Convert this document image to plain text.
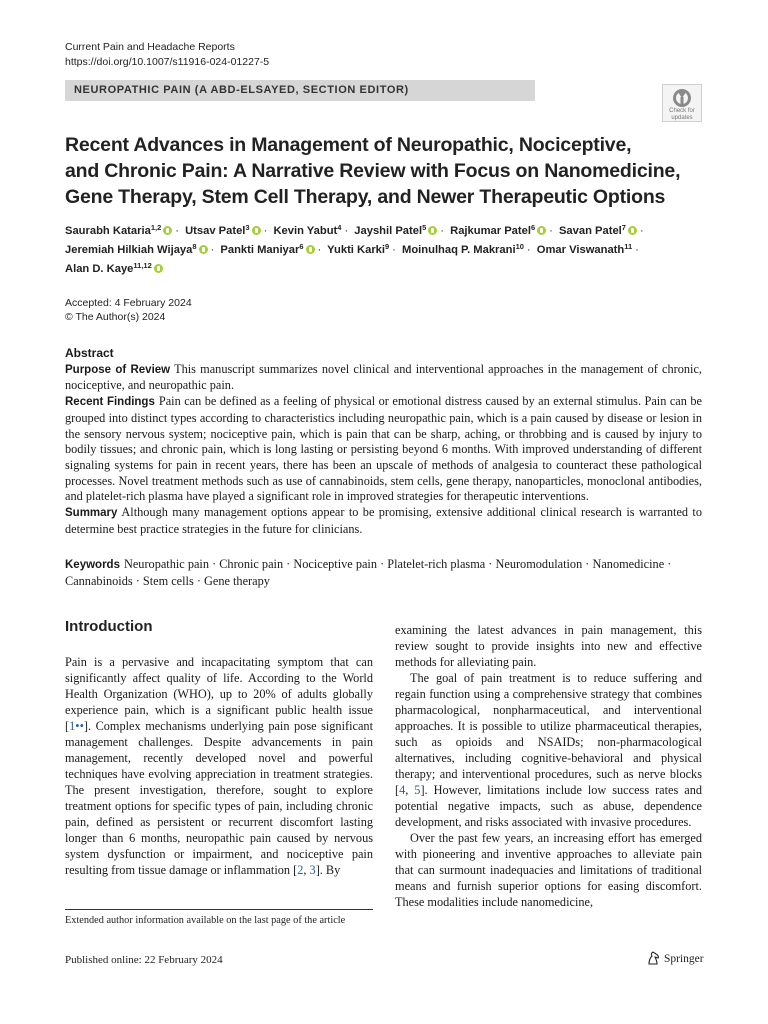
Current Pain and Headache Reports
https://doi.org/10.1007/s11916-024-01227-5
NEUROPATHIC PAIN (A ABD-ELSAYED, SECTION EDITOR)
Check for
updates
Recent Advances in Management of Neuropathic, Nociceptive,
and Chronic Pain: A Narrative Review with Focus on Nanomedicine,
Gene Therapy, Stem Cell Therapy, and Newer Therapeutic Options
Saurabh Kataria$^{1,2}$ · Utsav Patel$^3$ · Kevin Yabut$^4$ · Jayshil Patel$^5$ · Rajkumar Patel$^6$ · Savan Patel$^7$ ·
Jeremiah Hilkiah Wijaya$^8$ · Pankti Maniyar$^6$ · Yukti Karki$^9$ · Moinulhaq P. Makrani$^{10}$ · Omar Viswanath$^{11}$ ·
Alan D. Kaye$^{11,12}$
Accepted: 4 February 2024
© The Author(s) 2024
Abstract

Purpose of Review This manuscript summarizes novel clinical and interventional approaches in the management of chronic, nociceptive, and neuropathic pain.

Recent Findings Pain can be defined as a feeling of physical or emotional distress caused by an external stimulus. Pain can be grouped into distinct types according to characteristics including neuropathic pain, which is a pain caused by disease or lesion in the sensory nervous system; nociceptive pain, which is pain that can be sharp, aching, or throbbing and is caused by injury to bodily tissues; and chronic pain, which is long lasting or persisting beyond 6 months. With improved understanding of different signaling systems for pain in recent years, there has been an upscale of methods of analgesia to counteract these pathological processes. Novel treatment methods such as use of cannabinoids, stem cells, gene therapy, nanoparticles, monoclonal antibodies, and platelet-rich plasma have played a significant role in improved strategies for therapeutic interventions.

Summary Although many management options appear to be promising, extensive additional clinical research is warranted to determine best practice strategies in the future for clinicians.

Keywords Neuropathic pain · Chronic pain · Nociceptive pain · Platelet-rich plasma · Neuromodulation · Nanomedicine · Cannabinoids · Stem cells · Gene therapy
Introduction

Pain is a pervasive and incapacitating symptom that can significantly affect quality of life. According to the World Health Organization (WHO), up to 20% of adults globally experience pain, which is a significant public health issue [1••]. Complex mechanisms underlying pain pose significant management challenges. Despite advancements in pain management, recently developed novel and powerful techniques have evolving appreciation in treatment strategies. The present investigation, therefore, sought to explore treatment options for specific types of pain, including chronic pain, defined as persistent or recurrent discomfort lasting longer than 6 months, neuropathic pain caused by nervous system dysfunction or impairment, and nociceptive pain resulting from tissue damage or inflammation [2, 3]. By

examining the latest advances in pain management, this review sought to provide insights into new and effective methods for alleviating pain.

The goal of pain treatment is to reduce suffering and regain function using a comprehensive strategy that combines pharmacological, nonpharmaceutical, and interventional approaches. It is possible to utilize pharmaceutical therapies, such as opioids and NSAIDs; non-pharmacological alternatives, including cognitive-behavioral and physical therapy; and interventional procedures, such as nerve blocks [4, 5]. However, limitations include low success rates and potential negative impacts, such as abuse, dependence development, and risks associated with invasive procedures.

Over the past few years, an increasing effort has emerged with pioneering and inventive approaches to alleviate pain that can surmount inadequacies and limitations of traditional means and furnish superior options for easing discomfort. These modalities include nanomedicine,

Extended author information available on the last page of the article
Published online: 22 February 2024	Springer
